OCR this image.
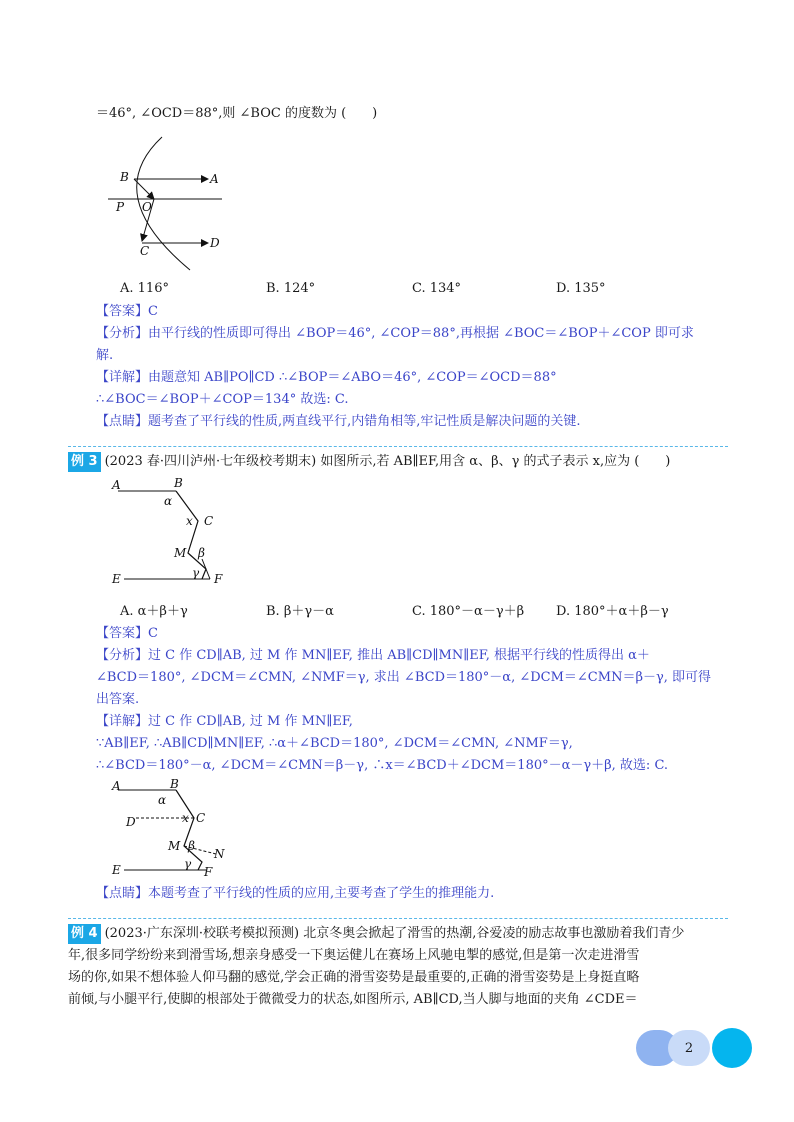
＝46°, ∠OCD＝88°,则 ∠BOC 的度数为 (　　)
B	A
P O
C
D
A. 116°	B. 124°	C. 134°	D. 135°
【答案】C
【分析】由平行线的性质即可得出 ∠BOP＝46°, ∠COP＝88°,再根据 ∠BOC＝∠BOP＋∠COP 即可求
解.
【详解】由题意知 AB∥PO∥CD ∴∠BOP＝∠ABO＝46°, ∠COP＝∠OCD＝88°
∴∠BOC＝∠BOP＋∠COP＝134° 故选: C.
【点睛】题考查了平行线的性质,两直线平行,内错角相等,牢记性质是解决问题的关键.
例 3 (2023 春·四川泸州·七年级校考期末) 如图所示,若 AB∥EF,用含 α、β、γ 的式子表示 x,应为 (　　)
A	B
α
x C
M β
γ
E	F
A. α＋β＋γ	B. β＋γ－α	C. 180°－α－γ＋β D. 180°＋α＋β－γ
【答案】C
【分析】过 C 作 CD∥AB, 过 M 作 MN∥EF, 推出 AB∥CD∥MN∥EF, 根据平行线的性质得出 α＋
∠BCD＝180°, ∠DCM＝∠CMN, ∠NMF＝γ, 求出 ∠BCD＝180°－α, ∠DCM＝∠CMN＝β－γ, 即可得
出答案.
【详解】过 C 作 CD∥AB, 过 M 作 MN∥EF,
∵AB∥EF, ∴AB∥CD∥MN∥EF, ∴α＋∠BCD＝180°, ∠DCM＝∠CMN, ∠NMF＝γ,
∴∠BCD＝180°－α, ∠DCM＝∠CMN＝β－γ, ∴x＝∠BCD＋∠DCM＝180°－α－γ＋β, 故选: C.
A	B
α
D	x C
M β
N
γ
E	F
【点睛】本题考查了平行线的性质的应用,主要考查了学生的推理能力.
例 4 (2023·广东深圳·校联考模拟预测) 北京冬奥会掀起了滑雪的热潮,谷爱凌的励志故事也激励着我们青少
年,很多同学纷纷来到滑雪场,想亲身感受一下奥运健儿在赛场上风驰电掣的感觉,但是第一次走进滑雪
场的你,如果不想体验人仰马翻的感觉,学会正确的滑雪姿势是最重要的,正确的滑雪姿势是上身挺直略
前倾,与小腿平行,使脚的根部处于微微受力的状态,如图所示, AB∥CD,当人脚与地面的夹角 ∠CDE＝
2
